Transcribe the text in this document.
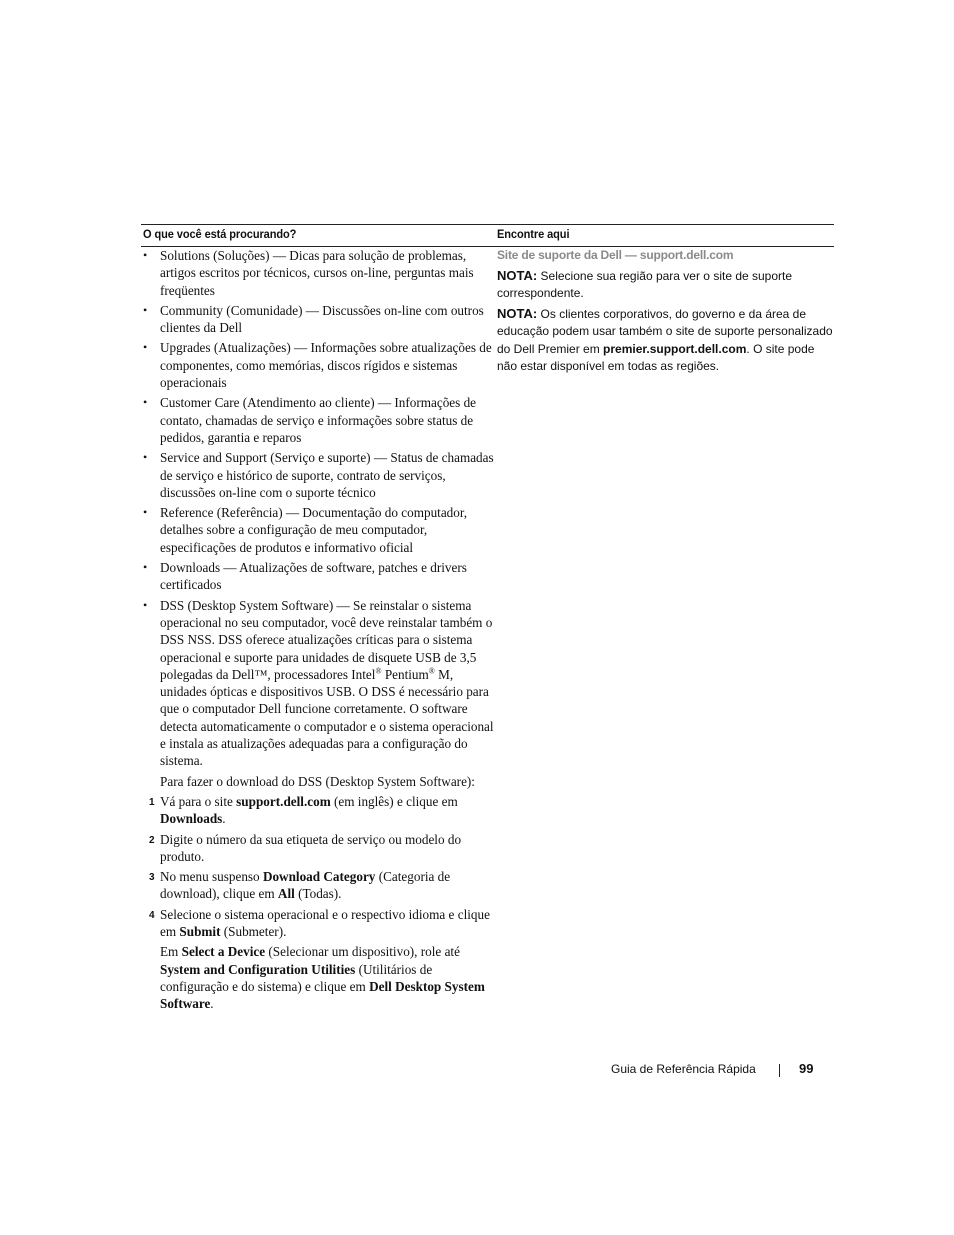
O que você está procurando?	Encontre aqui
• Solutions (Soluções) — Dicas para solução de problemas, artigos escritos por técnicos, cursos on-line, perguntas mais freqüentes
• Community (Comunidade) — Discussões on-line com outros clientes da Dell
• Upgrades (Atualizações) — Informações sobre atualizações de componentes, como memórias, discos rígidos e sistemas operacionais
• Customer Care (Atendimento ao cliente) — Informações de contato, chamadas de serviço e informações sobre status de pedidos, garantia e reparos
• Service and Support (Serviço e suporte) — Status de chamadas de serviço e histórico de suporte, contrato de serviços, discussões on-line com o suporte técnico
• Reference (Referência) — Documentação do computador, detalhes sobre a configuração de meu computador, especificações de produtos e informativo oficial
• Downloads — Atualizações de software, patches e drivers certificados
• DSS (Desktop System Software) — Se reinstalar o sistema operacional no seu computador, você deve reinstalar também o DSS NSS. DSS oferece atualizações críticas para o sistema operacional e suporte para unidades de disquete USB de 3,5 polegadas da Dell™, processadores Intel® Pentium® M, unidades ópticas e dispositivos USB. O DSS é necessário para que o computador Dell funcione corretamente. O software detecta automaticamente o computador e o sistema operacional e instala as atualizações adequadas para a configuração do sistema.
Para fazer o download do DSS (Desktop System Software):
1 Vá para o site support.dell.com (em inglês) e clique em Downloads.
2 Digite o número da sua etiqueta de serviço ou modelo do produto.
3 No menu suspenso Download Category (Categoria de download), clique em All (Todas).
4 Selecione o sistema operacional e o respectivo idioma e clique em Submit (Submeter).
Em Select a Device (Selecionar um dispositivo), role até System and Configuration Utilities (Utilitários de configuração e do sistema) e clique em Dell Desktop System Software.
Site de suporte da Dell — support.dell.com
NOTA: Selecione sua região para ver o site de suporte correspondente.
NOTA: Os clientes corporativos, do governo e da área de educação podem usar também o site de suporte personalizado do Dell Premier em premier.support.dell.com. O site pode não estar disponível em todas as regiões.
Guia de Referência Rápida	99
